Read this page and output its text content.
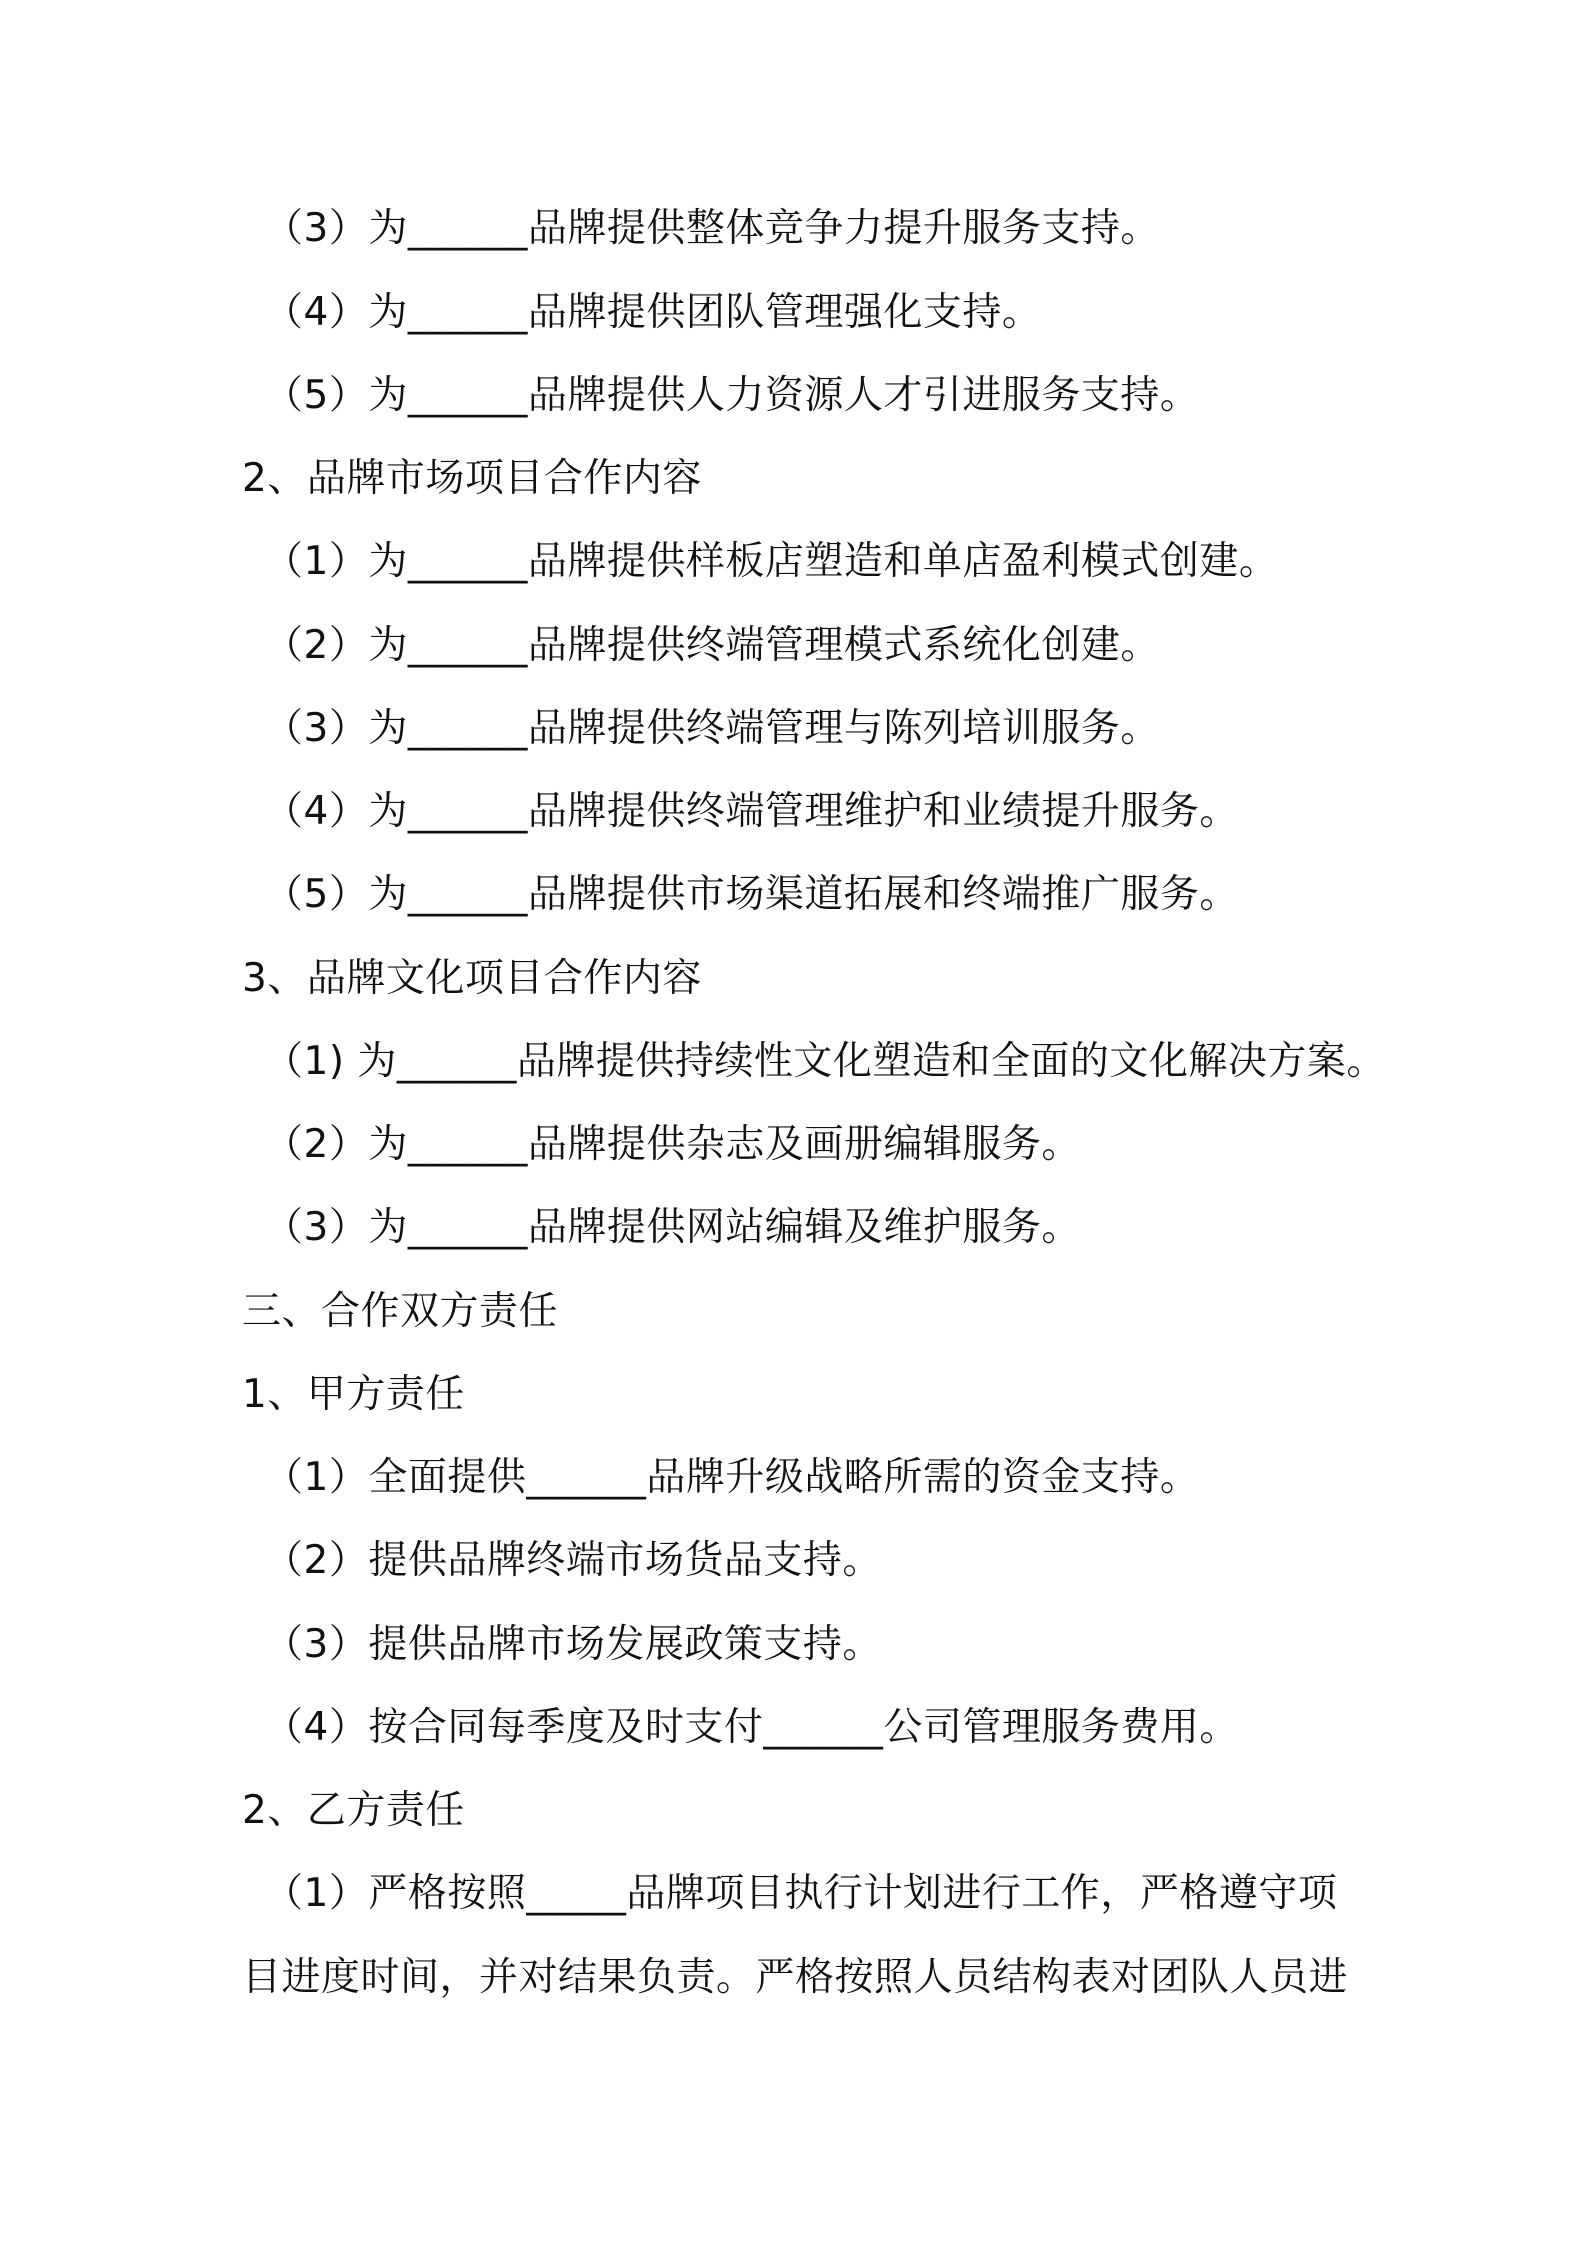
（3）为______品牌提供整体竞争力提升服务支持。
（4）为______品牌提供团队管理强化支持。
（5）为______品牌提供人力资源人才引进服务支持。
2、品牌市场项目合作内容
（1）为______品牌提供样板店塑造和单店盈利模式创建。
（2）为______品牌提供终端管理模式系统化创建。
（3）为______品牌提供终端管理与陈列培训服务。
（4）为______品牌提供终端管理维护和业绩提升服务。
（5）为______品牌提供市场渠道拓展和终端推广服务。
3、品牌文化项目合作内容
（1) 为______品牌提供持续性文化塑造和全面的文化解决方案。
（2）为______品牌提供杂志及画册编辑服务。
（3）为______品牌提供网站编辑及维护服务。
三、合作双方责任
1、甲方责任
（1）全面提供______品牌升级战略所需的资金支持。
（2）提供品牌终端市场货品支持。
（3）提供品牌市场发展政策支持。
（4）按合同每季度及时支付______公司管理服务费用。
2、乙方责任
（1）严格按照_____品牌项目执行计划进行工作，严格遵守项
目进度时间，并对结果负责。严格按照人员结构表对团队人员进
